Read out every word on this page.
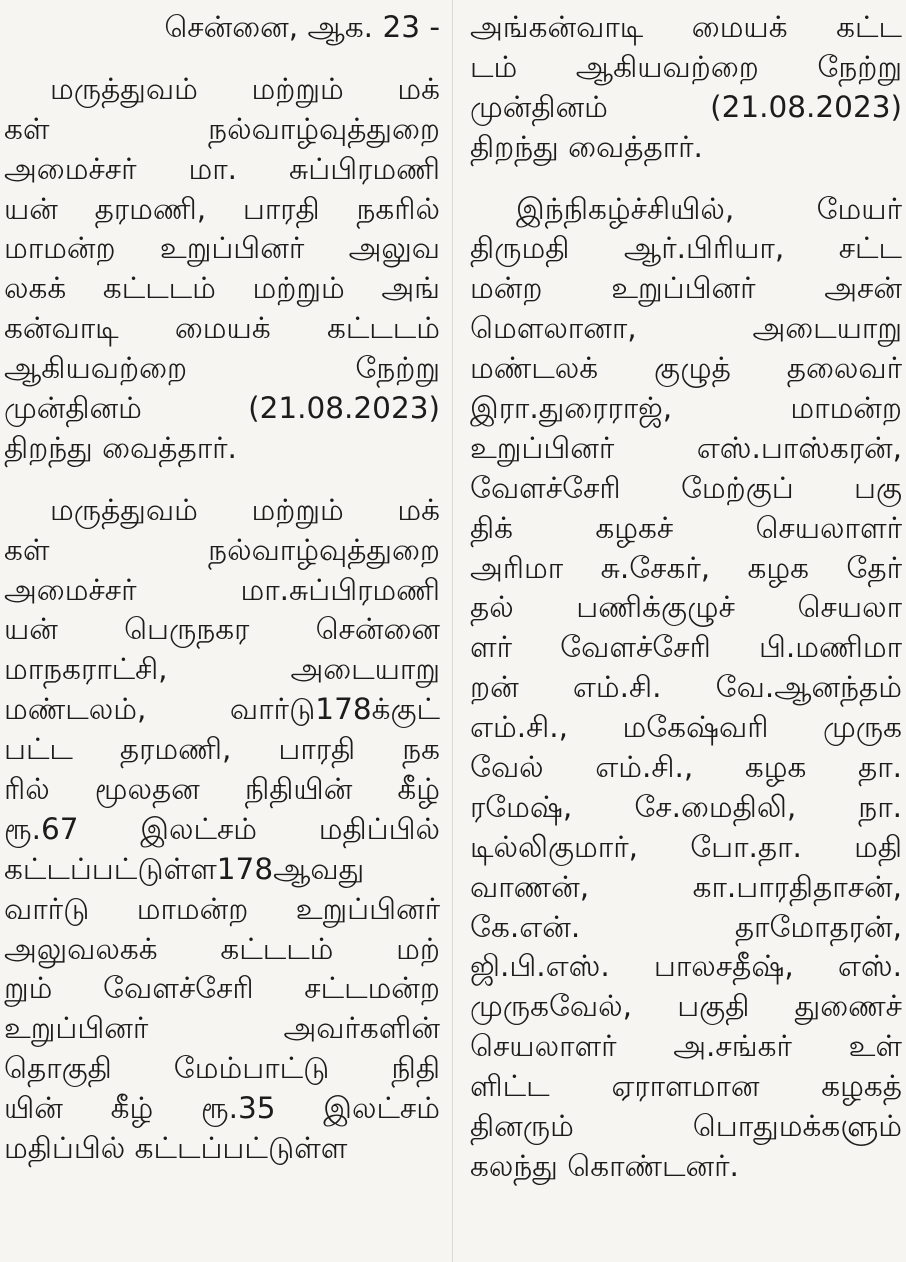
சென்னை, ஆக. 23 -
மருத்துவம் மற்றும் மக்
கள் நல்வாழ்வுத்துறை
அமைச்சர் மா. சுப்பிரமணி
யன் தரமணி, பாரதி நகரில்
மாமன்ற உறுப்பினர் அலுவ
லகக் கட்டடம் மற்றும் அங்
கன்வாடி மையக் கட்டடம்
ஆகியவற்றை நேற்று
முன்தினம் (21.08.2023)
திறந்து வைத்தார்.
மருத்துவம் மற்றும் மக்
கள் நல்வாழ்வுத்துறை
அமைச்சர் மா.சுப்பிரமணி
யன் பெருநகர சென்னை
மாநகராட்சி, அடையாறு
மண்டலம், வார்டு178க்குட்
பட்ட தரமணி, பாரதி நக
ரில் மூலதன நிதியின் கீழ்
ரூ.67 இலட்சம் மதிப்பில்
கட்டப்பட்டுள்ள178ஆவது
வார்டு மாமன்ற உறுப்பினர்
அலுவலகக் கட்டடம் மற்
றும் வேளச்சேரி சட்டமன்ற
உறுப்பினர் அவர்களின்
தொகுதி மேம்பாட்டு நிதி
யின் கீழ் ரூ.35 இலட்சம்
மதிப்பில் கட்டப்பட்டுள்ள
அங்கன்வாடி மையக் கட்ட
டம் ஆகியவற்றை நேற்று
முன்தினம் (21.08.2023)
திறந்து வைத்தார்.
இந்நிகழ்ச்சியில், மேயர்
திருமதி ஆர்.பிரியா, சட்ட
மன்ற உறுப்பினர் அசன்
மௌலானா, அடையாறு
மண்டலக் குழுத் தலைவர்
இரா.துரைராஜ், மாமன்ற
உறுப்பினர் எஸ்.பாஸ்கரன்,
வேளச்சேரி மேற்குப் பகு
திக் கழகச் செயலாளர்
அரிமா சு.சேகர், கழக தேர்
தல் பணிக்குழுச் செயலா
ளர் வேளச்சேரி பி.மணிமா
றன் எம்.சி. வே.ஆனந்தம்
எம்.சி., மகேஷ்வரி முருக
வேல் எம்.சி., கழக தா.
ரமேஷ், சே.மைதிலி, நா.
டில்லிகுமார், போ.தா. மதி
வாணன், கா.பாரதிதாசன்,
கே.என். தாமோதரன்,
ஜி.பி.எஸ். பாலசதீஷ், எஸ்.
முருகவேல், பகுதி துணைச்
செயலாளர் அ.சங்கர் உள்
ளிட்ட ஏராளமான கழகத்
தினரும் பொதுமக்களும்
கலந்து கொண்டனர்.
